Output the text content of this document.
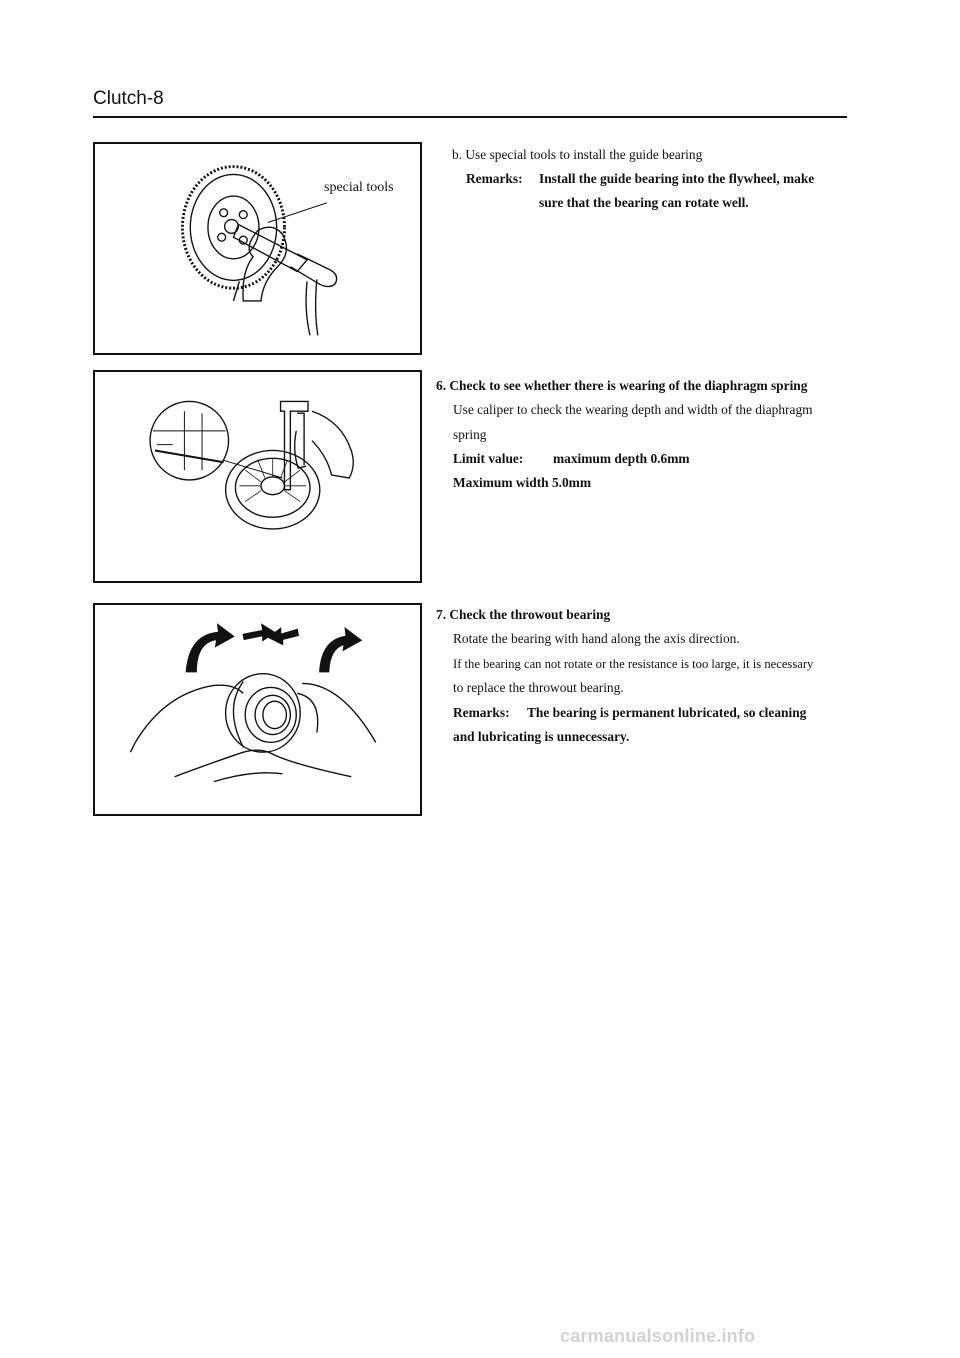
Clutch-8
special tools
b. Use special tools to install the guide bearing
Remarks: Install the guide bearing into the flywheel, make
sure that the bearing can rotate well.
6. Check to see whether there is wearing of the diaphragm spring
Use caliper to check the wearing depth and width of the diaphragm
spring
Limit value: maximum depth 0.6mm
Maximum width 5.0mm
7. Check the throwout bearing
Rotate the bearing with hand along the axis direction.
If the bearing can not rotate or the resistance is too large, it is necessary
to replace the throwout bearing.
Remarks: The bearing is permanent lubricated, so cleaning
and lubricating is unnecessary.
carmanualsonline.info
